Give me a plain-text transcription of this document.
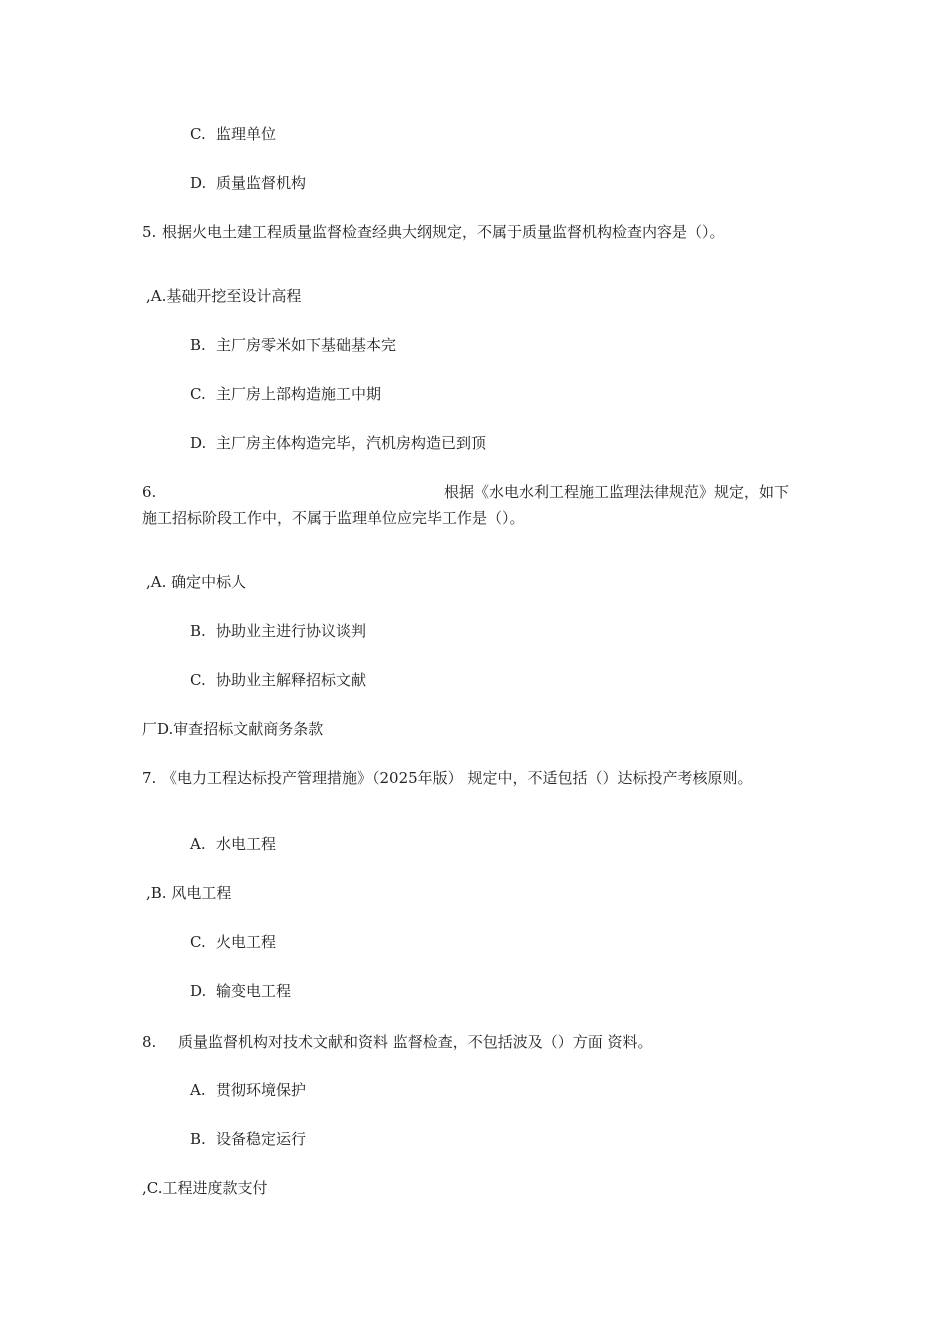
C. 监理单位
D. 质量监督机构
5. 根据火电土建工程质量监督检查经典大纲规定，不属于质量监督机构检查内容是（）。
,A.基础开挖至设计高程
B. 主厂房零米如下基础基本完
C. 主厂房上部构造施工中期
D. 主厂房主体构造完毕，汽机房构造已到顶
6.	根据《水电水利工程施工监理法律规范》规定，如下
施工招标阶段工作中，不属于监理单位应完毕工作是（）。
,A. 确定中标人
B. 协助业主进行协议谈判
C. 协助业主解释招标文献
厂D.审查招标文献商务条款
7. 《电力工程达标投产管理措施》（2025年版） 规定中，不适包括（）达标投产考核原则。
A. 水电工程
,B. 风电工程
C. 火电工程
D. 输变电工程
8. 质量监督机构对技术文献和资料 监督检查，不包括波及（）方面 资料。
A. 贯彻环境保护
B. 设备稳定运行
,C.工程进度款支付
